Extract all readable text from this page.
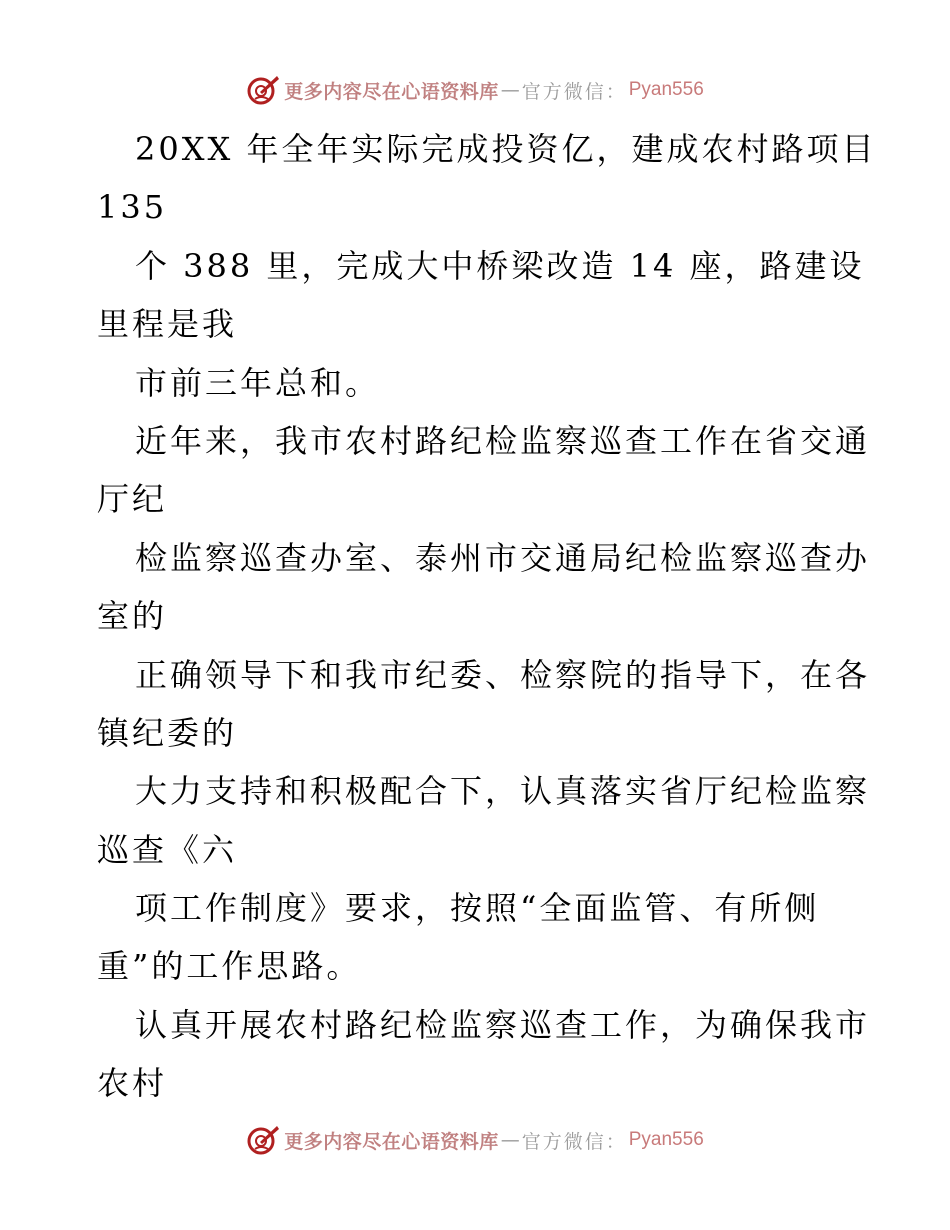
更多内容尽在心语资料库 — 官方微信： Pyan556
20XX 年全年实际完成投资亿，建成农村路项目
135
个 388 里，完成大中桥梁改造 14 座，路建设
里程是我
市前三年总和。
近年来，我市农村路纪检监察巡查工作在省交通
厅纪
检监察巡查办室、泰州市交通局纪检监察巡查办
室的
正确领导下和我市纪委、检察院的指导下，在各
镇纪委的
大力支持和积极配合下，认真落实省厅纪检监察
巡查《六
项工作制度》要求，按照“全面监管、有所侧
重”的工作思路。
认真开展农村路纪检监察巡查工作，为确保我市
农村
更多内容尽在心语资料库 — 官方微信： Pyan556
